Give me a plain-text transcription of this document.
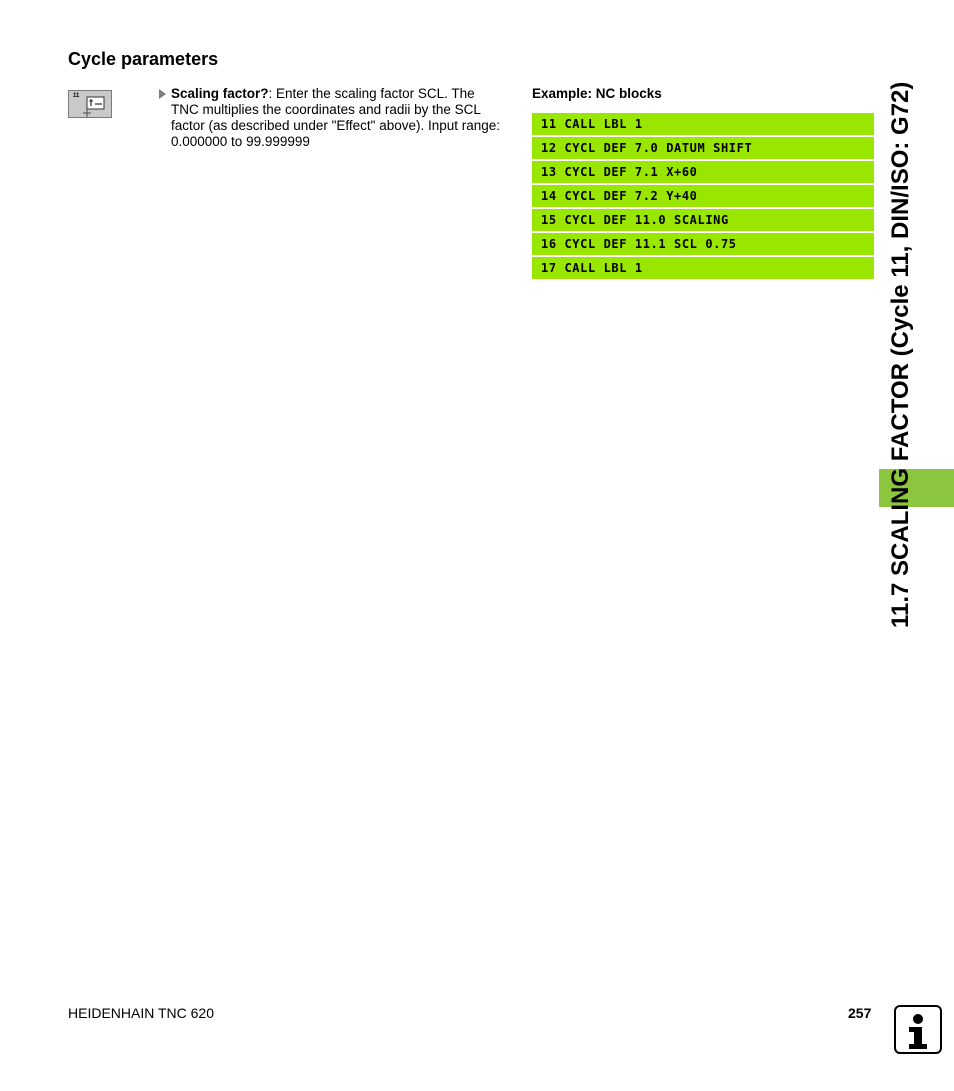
Cycle parameters
11	Scaling factor?: Enter the scaling factor SCL. The
TNC multiplies the coordinates and radii by the SCL factor (as described under "Effect" above). Input range: 0.000000 to 99.999999
Example: NC blocks
11 CALL LBL 1
12 CYCL DEF 7.0 DATUM SHIFT
13 CYCL DEF 7.1 X+60
14 CYCL DEF 7.2 Y+40
15 CYCL DEF 11.0 SCALING
16 CYCL DEF 11.1 SCL 0.75
17 CALL LBL 1	11.7 SCALING FACTOR (Cycle 11, DIN/ISO: G72)
HEIDENHAIN TNC 620	257
